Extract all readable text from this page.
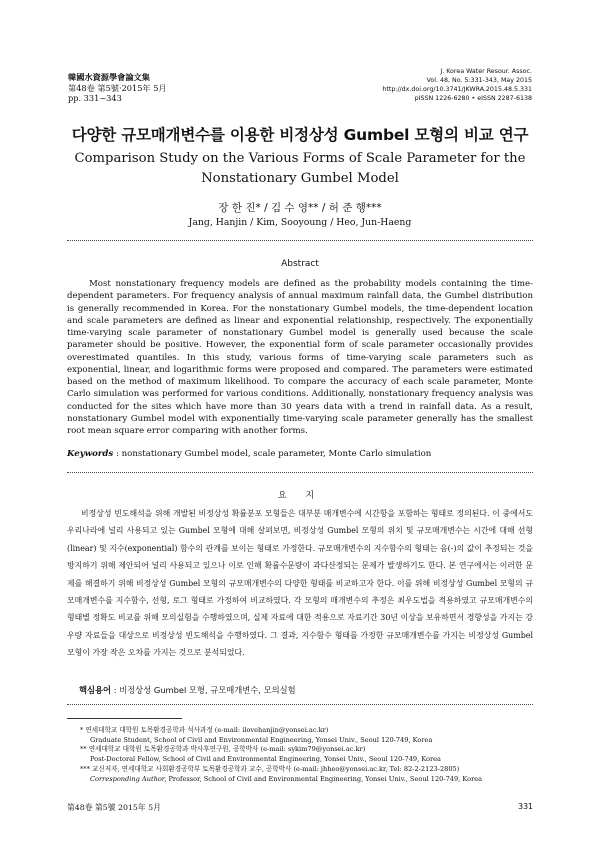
韓國水資源學會論文集
第48卷 第5號·2015年 5月
pp. 331~343
J. Korea Water Resour. Assoc.
Vol. 48, No. 5:331-343, May 2015
http://dx.doi.org/10.3741/JKWRA.2015.48.5.331
pISSN 1226-6280 • eISSN 2287-6138
다양한 규모매개변수를 이용한 비정상성 Gumbel 모형의 비교 연구
Comparison Study on the Various Forms of Scale Parameter for the Nonstationary Gumbel Model
장 한 진* / 김 수 영** / 허 준 행***
Jang, Hanjin / Kim, Sooyoung / Heo, Jun-Haeng
Abstract

Most nonstationary frequency models are defined as the probability models containing the time-dependent parameters. For frequency analysis of annual maximum rainfall data, the Gumbel distribution is generally recommended in Korea. For the nonstationary Gumbel models, the time-dependent location and scale parameters are defined as linear and exponential relationship, respectively. The exponentially time-varying scale parameter of nonstationary Gumbel model is generally used because the scale parameter should be positive. However, the exponential form of scale parameter occasionally provides overestimated quantiles. In this study, various forms of time-varying scale parameters such as exponential, linear, and logarithmic forms were proposed and compared. The parameters were estimated based on the method of maximum likelihood. To compare the accuracy of each scale parameter, Monte Carlo simulation was performed for various conditions. Additionally, nonstationary frequency analysis was conducted for the sites which have more than 30 years data with a trend in rainfall data. As a result, nonstationary Gumbel model with exponentially time-varying scale parameter generally has the smallest root mean square error comparing with another forms.

Keywords : nonstationary Gumbel model, scale parameter, Monte Carlo simulation
요 지

비정상성 빈도해석을 위해 개발된 비정상성 확률분포 모형들은 대부분 매개변수에 시간항을 포함하는 형태로 정의된다. 이 중에서도 우리나라에 널리 사용되고 있는 Gumbel 모형에 대해 살펴보면, 비정상성 Gumbel 모형의 위치 및 규모매개변수는 시간에 대해 선형(linear) 및 지수(exponential) 함수의 관계를 보이는 형태로 가정한다. 규모매개변수의 지수함수의 형태는 음(-)의 값이 추정되는 것을 방지하기 위해 제안되어 널리 사용되고 있으나 이로 인해 확률수문량이 과다산정되는 문제가 발생하기도 한다. 본 연구에서는 이러한 문제를 해결하기 위해 비정상성 Gumbel 모형의 규모매개변수의 다양한 형태를 비교하고자 한다. 이를 위해 비정상성 Gumbel 모형의 규모매개변수를 지수함수, 선형, 로그 형태로 가정하여 비교하였다. 각 모형의 매개변수의 추정은 최우도법을 적용하였고 규모매개변수의 형태별 정확도 비교를 위해 모의실험을 수행하였으며, 실제 자료에 대한 적용으로 자료기간 30년 이상을 보유하면서 경향성을 가지는 강우량 자료들을 대상으로 비정상성 빈도해석을 수행하였다. 그 결과, 지수함수 형태를 가정한 규모매개변수를 가지는 비정상성 Gumbel 모형이 가장 작은 오차를 가지는 것으로 분석되었다.

핵심용어 : 비정상성 Gumbel 모형, 규모매개변수, 모의실험
* 연세대학교 대학원 토목환경공학과 석사과정 (e-mail: ilovehanjin@yonsei.ac.kr)
Graduate Student, School of Civil and Environmental Engineering, Yonsei Univ., Seoul 120-749, Korea
** 연세대학교 대학원 토목환경공학과 박사후연구원, 공학박사 (e-mail: sykim79@yonsei.ac.kr)
Post-Doctoral Fellow, School of Civil and Environmental Engineering, Yonsei Univ., Seoul 120-749, Korea
*** 교신저자, 연세대학교 사회환경공학부 토목환경공학과 교수, 공학박사 (e-mail: jhheo@yonsei.ac.kr, Tel: 82-2-2123-2805)
Corresponding Author, Professor, School of Civil and Environmental Engineering, Yonsei Univ., Seoul 120-749, Korea
第48卷 第5號 2015年 5月	331
